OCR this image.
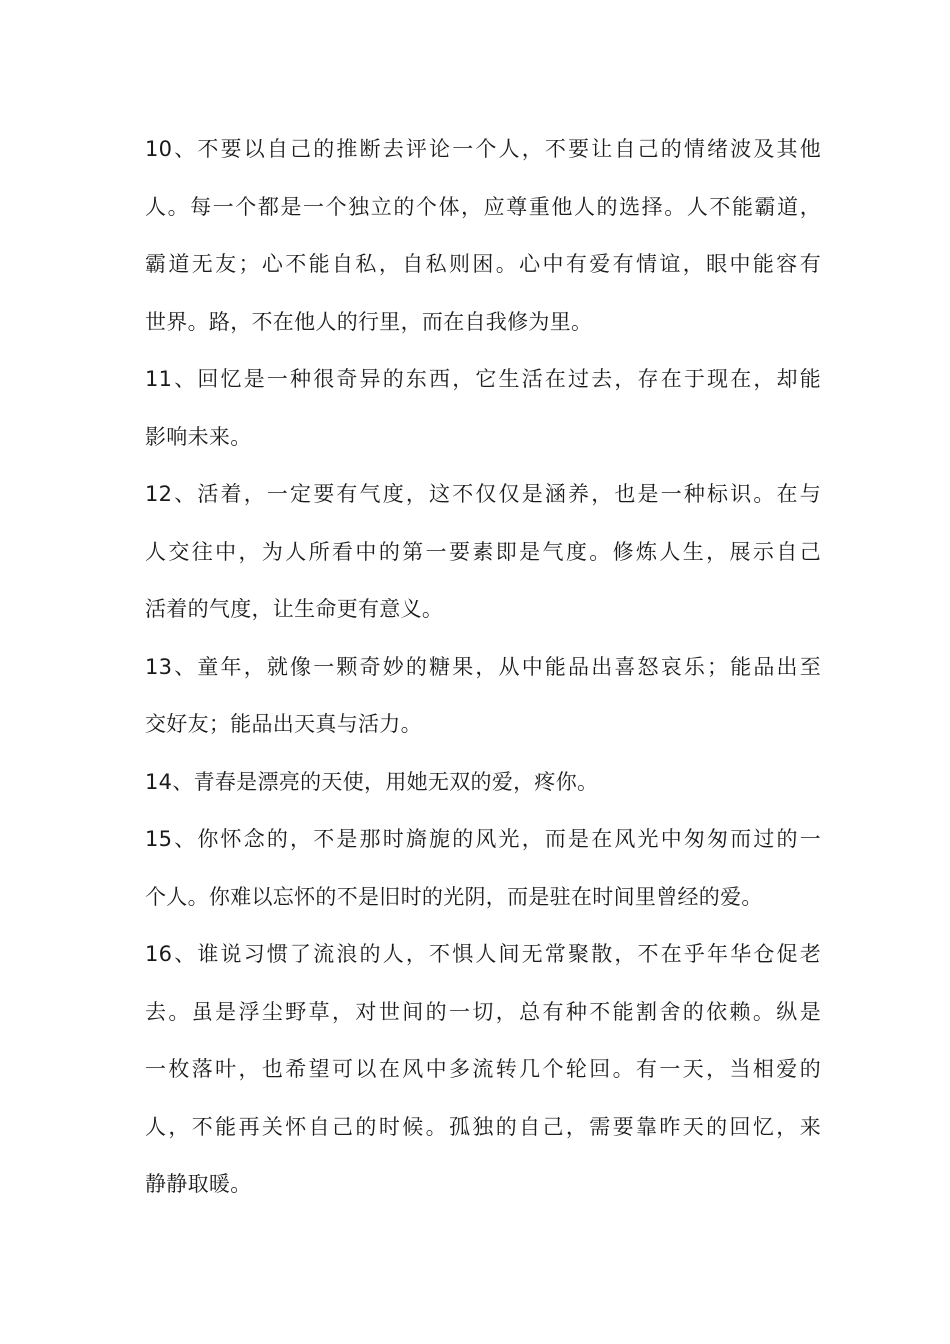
10、不要以自己的推断去评论一个人，不要让自己的情绪波及其他
人。每一个都是一个独立的个体，应尊重他人的选择。人不能霸道，
霸道无友；心不能自私，自私则困。心中有爱有情谊，眼中能容有
世界。路，不在他人的行里，而在自我修为里。

11、回忆是一种很奇异的东西，它生活在过去，存在于现在，却能
影响未来。

12、活着，一定要有气度，这不仅仅是涵养，也是一种标识。在与
人交往中，为人所看中的第一要素即是气度。修炼人生，展示自己
活着的气度，让生命更有意义。

13、童年，就像一颗奇妙的糖果，从中能品出喜怒哀乐；能品出至
交好友；能品出天真与活力。

14、青春是漂亮的天使，用她无双的爱，疼你。

15、你怀念的，不是那时旖旎的风光，而是在风光中匆匆而过的一
个人。你难以忘怀的不是旧时的光阴，而是驻在时间里曾经的爱。

16、谁说习惯了流浪的人，不惧人间无常聚散，不在乎年华仓促老
去。虽是浮尘野草，对世间的一切，总有种不能割舍的依赖。纵是
一枚落叶，也希望可以在风中多流转几个轮回。有一天，当相爱的
人，不能再关怀自己的时候。孤独的自己，需要靠昨天的回忆，来
静静取暖。
